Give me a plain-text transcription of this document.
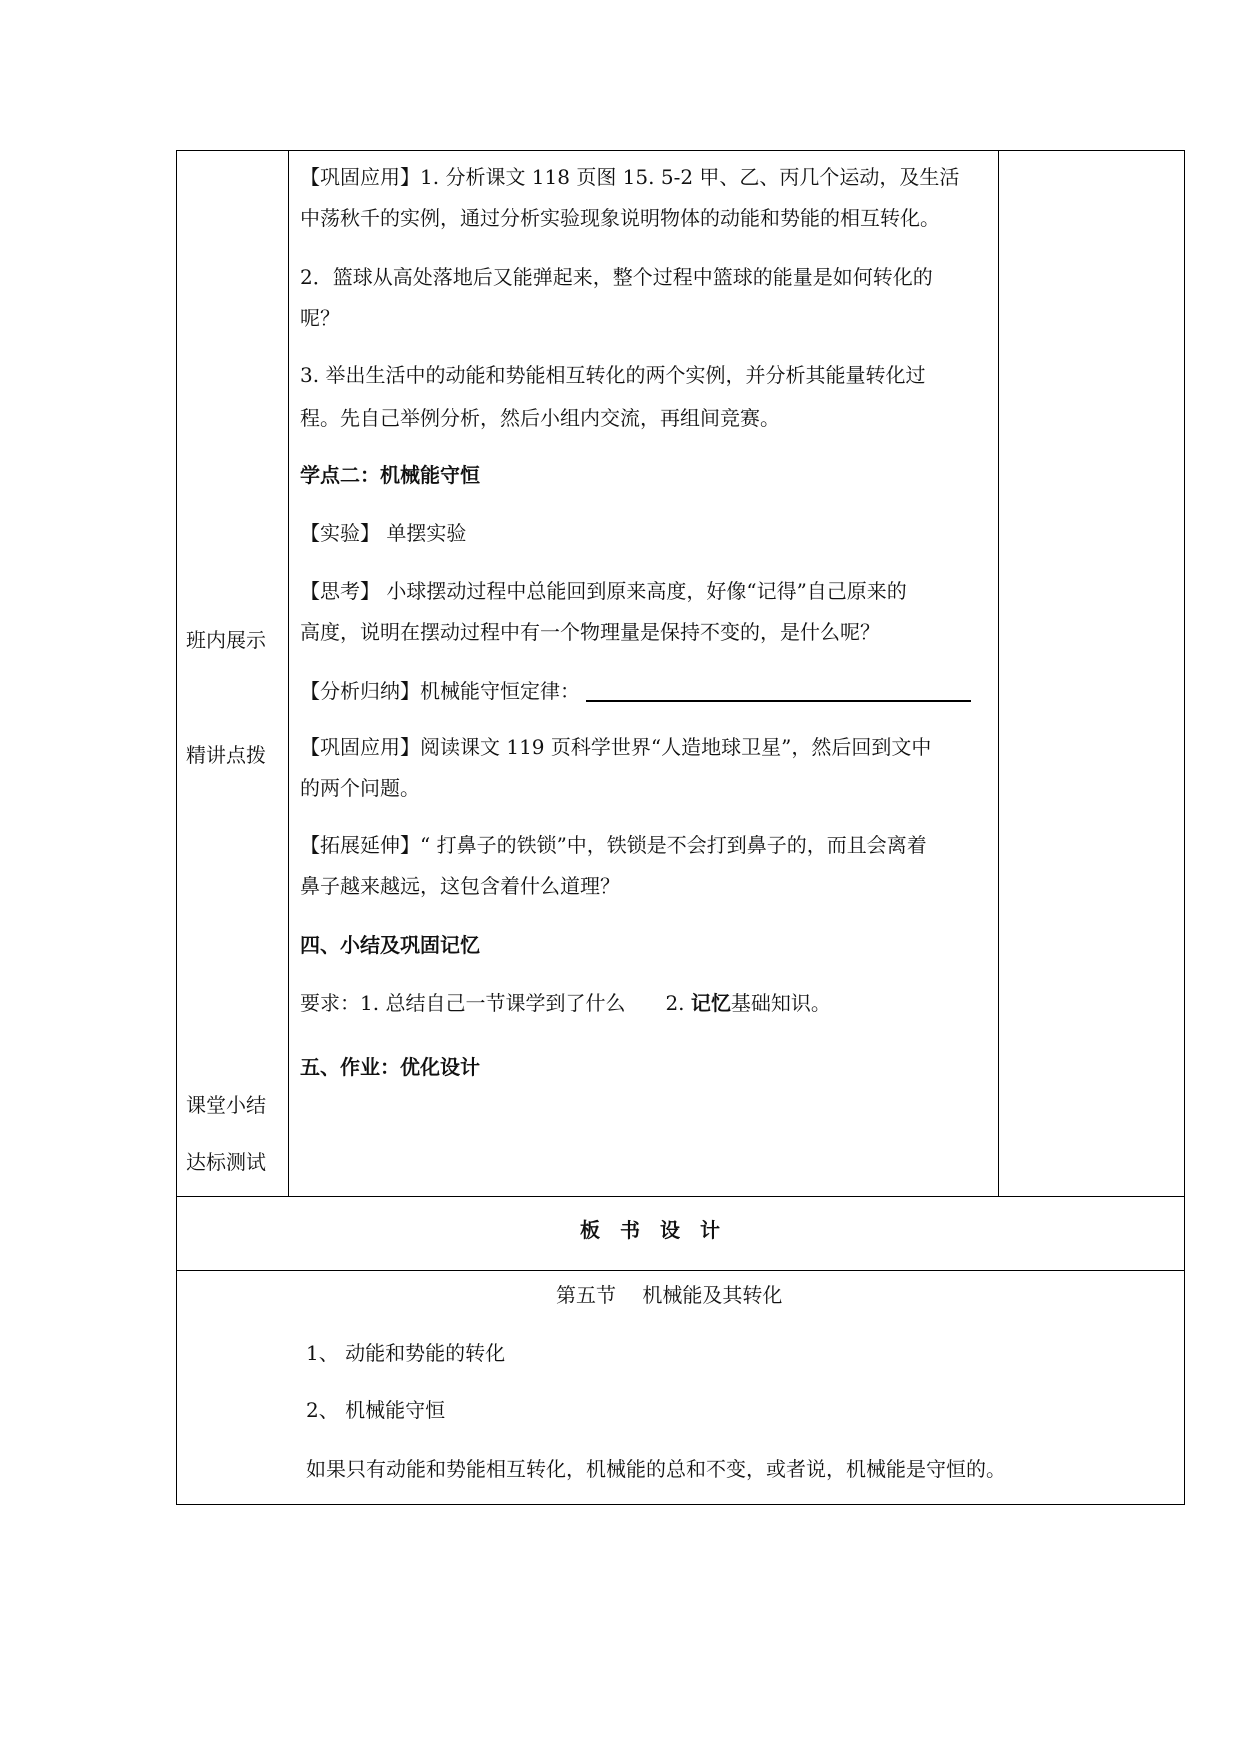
【巩固应用】1. 分析课文 118 页图 15. 5-2 甲、乙、丙几个运动，及生活
中荡秋千的实例，通过分析实验现象说明物体的动能和势能的相互转化。
2．篮球从高处落地后又能弹起来，整个过程中篮球的能量是如何转化的
呢？
3. 举出生活中的动能和势能相互转化的两个实例，并分析其能量转化过
程。先自己举例分析，然后小组内交流，再组间竞赛。
学点二：机械能守恒
【实验】 单摆实验
【思考】 小球摆动过程中总能回到原来高度，好像“记得”自己原来的
高度，说明在摆动过程中有一个物理量是保持不变的，是什么呢？
【分析归纳】机械能守恒定律：
【巩固应用】阅读课文 119 页科学世界“人造地球卫星”，然后回到文中
的两个问题。
【拓展延伸】“ 打鼻子的铁锁”中，铁锁是不会打到鼻子的，而且会离着
鼻子越来越远，这包含着什么道理？
四、小结及巩固记忆
要求：1. 总结自己一节课学到了什么　　2. 记忆基础知识。
五、作业：优化设计
班内展示
精讲点拨
课堂小结
达标测试
板　书　设　计
第五节　 机械能及其转化
1、 动能和势能的转化
2、 机械能守恒
如果只有动能和势能相互转化，机械能的总和不变，或者说，机械能是守恒的。
